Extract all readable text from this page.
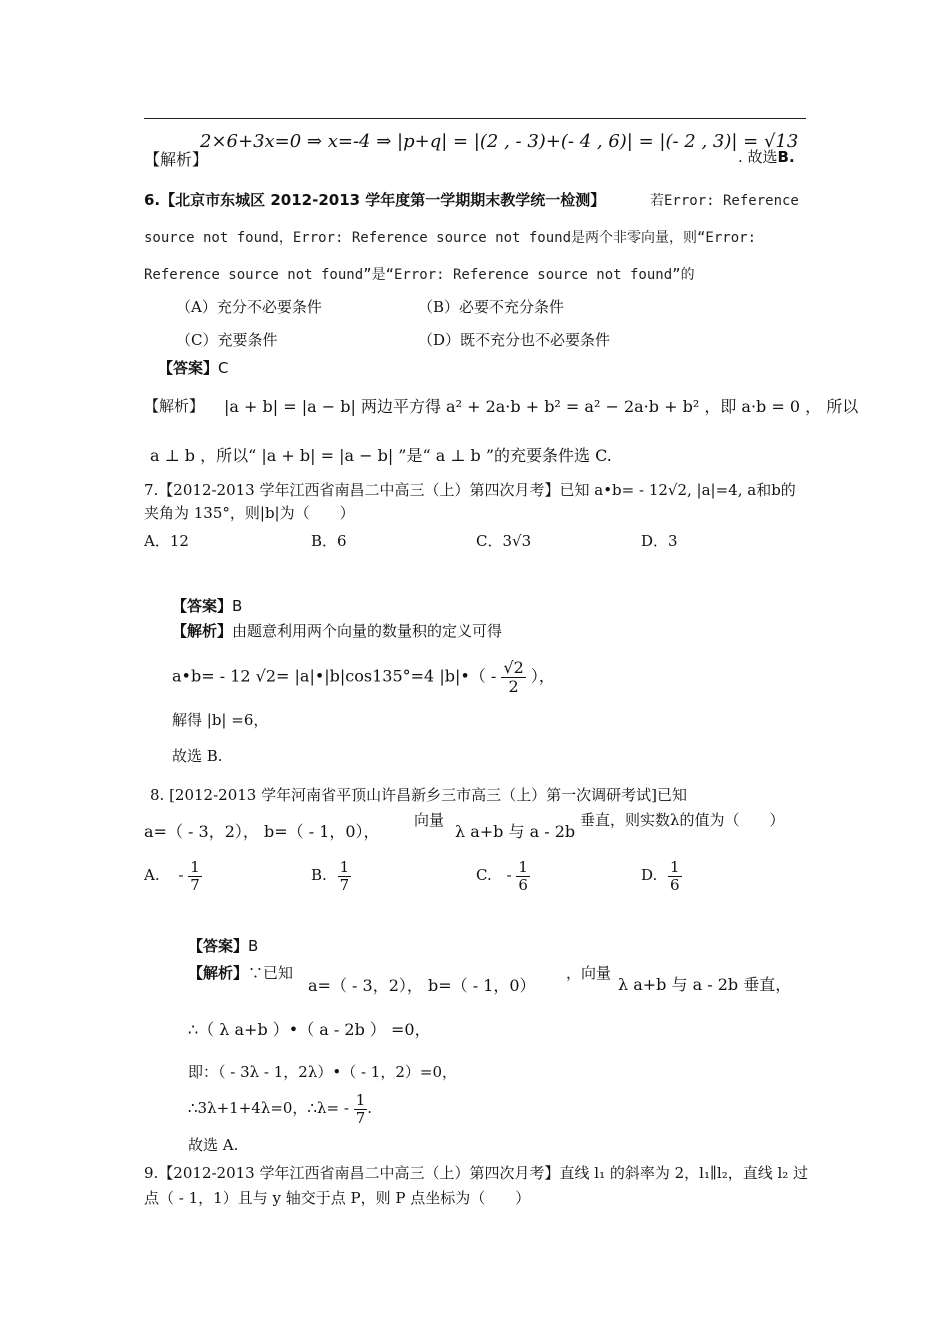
【解析】
2×6+3x=0 ⇒ x=-4 ⇒ |p+q| = |(2 , - 3)+(- 4 , 6)| = |(- 2 , 3)| = √13
. 故选B.
6.【北京市东城区 2012-2013 学年度第一学期期末教学统一检测】	若Error: Reference
source not found，Error: Reference source not found是两个非零向量，则“Error:
Reference source not found”是“Error: Reference source not found”的
（A）充分不必要条件	（B）必要不充分条件
（C）充要条件	（D）既不充分也不必要条件
【答案】C
【解析】 |a + b| = |a − b| 两边平方得 a² + 2a·b + b² = a² − 2a·b + b² ，即 a·b = 0 ， 所以
a ⊥ b ，所以“ |a + b| = |a − b| ”是“ a ⊥ b ”的充要条件选 C.
7.【2012-2013 学年江西省南昌二中高三（上）第四次月考】已知 a•b= - 12√2, |a|=4, a和b的
夹角为 135°，则|b|为（　　）
A．12	B．6	C．3√3	D．3
【答案】B
【解析】由题意利用两个向量的数量积的定义可得
a•b= - 12 √2= |a|•|b|cos135°=4 |b|•（ - $\frac{√2}{2}$ ），
解得 |b| =6，
故选 B.
8. [2012-2013 学年河南省平顶山许昌新乡三市高三（上）第一次调研考试]已知
a=（ - 3，2）， b=（ - 1，0），
向量
λ a+b 与 a - 2b
垂直，则实数λ的值为（　　）
A. - $\frac{1}{7}$	B. $\frac{1}{7}$	C. - $\frac{1}{6}$	D. $\frac{1}{6}$
【答案】B
【解析】∵已知
a=（ - 3，2）， b=（ - 1，0）
，向量
λ a+b 与 a - 2b 垂直，
∴（ λ a+b ）•（ a - 2b ） =0，
即：（ - 3λ - 1，2λ）•（ - 1，2）=0，
∴3λ+1+4λ=0，∴λ= - $\frac{1}{7}$ .
故选 A.
9.【2012-2013 学年江西省南昌二中高三（上）第四次月考】直线 l₁ 的斜率为 2，l₁∥l₂，直线 l₂ 过
点（ - 1，1）且与 y 轴交于点 P，则 P 点坐标为（　　）
